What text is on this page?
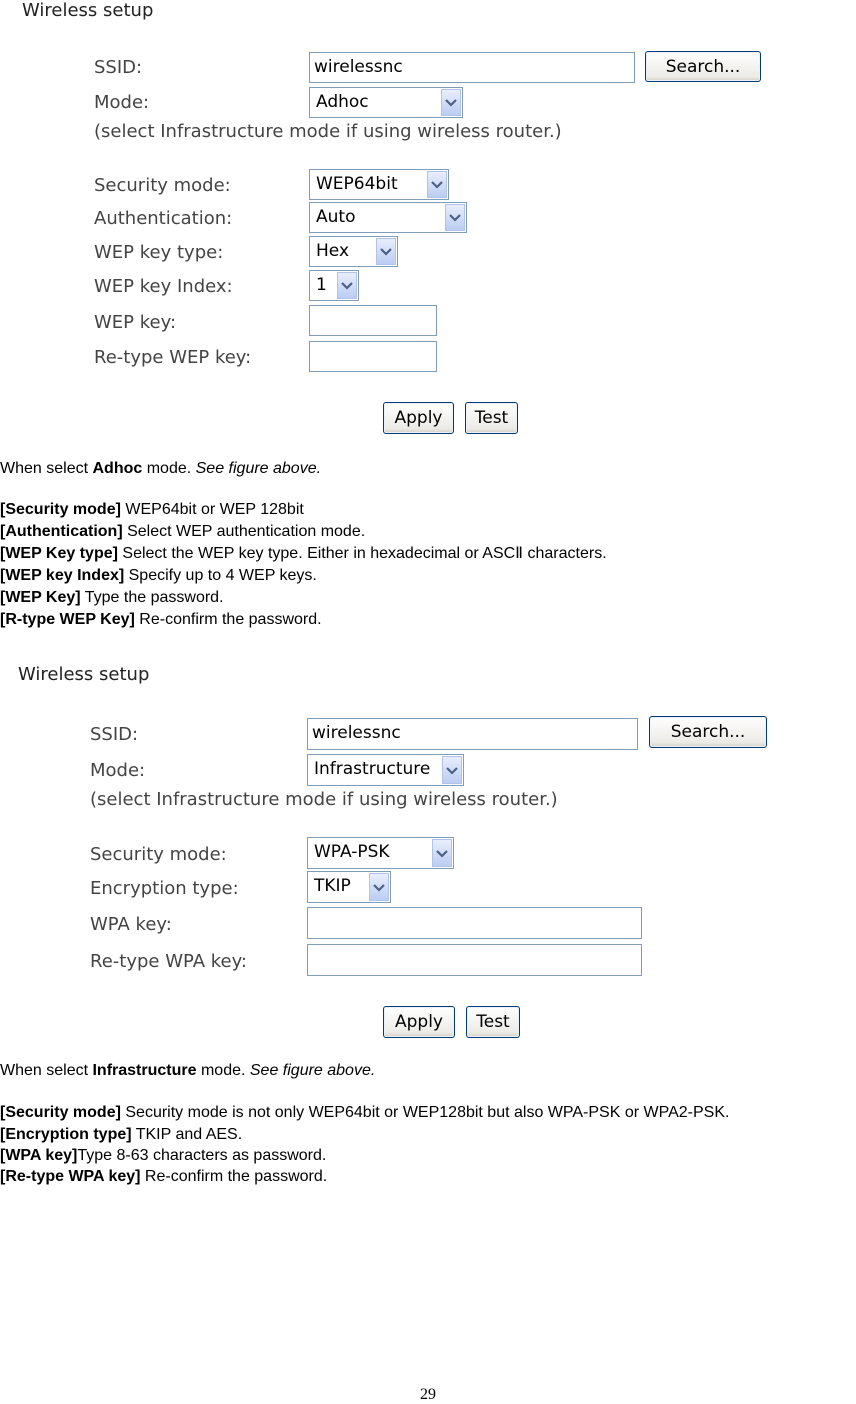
Wireless setup
SSID:	wirelessnc	Search...
Mode:	Adhoc
(select Infrastructure mode if using wireless router.)
Security mode:	WEP64bit
Authentication:	Auto
WEP key type:	Hex
WEP key Index:	1
WEP key:
Re-type WEP key:
Apply	Test
When select Adhoc mode. See figure above.
[Security mode] WEP64bit or WEP 128bit
[Authentication] Select WEP authentication mode.
[WEP Key type] Select the WEP key type. Either in hexadecimal or ASCⅡ characters.
[WEP key Index] Specify up to 4 WEP keys.
[WEP Key] Type the password.
[R-type WEP Key] Re-confirm the password.
Wireless setup
SSID:	wirelessnc	Search...
Mode:	Infrastructure
(select Infrastructure mode if using wireless router.)
Security mode:	WPA-PSK
Encryption type:	TKIP
WPA key:
Re-type WPA key:
Apply	Test
When select Infrastructure mode. See figure above.
[Security mode] Security mode is not only WEP64bit or WEP128bit but also WPA-PSK or WPA2-PSK.
[Encryption type] TKIP and AES.
[WPA key]Type 8-63 characters as password.
[Re-type WPA key] Re-confirm the password.
29
